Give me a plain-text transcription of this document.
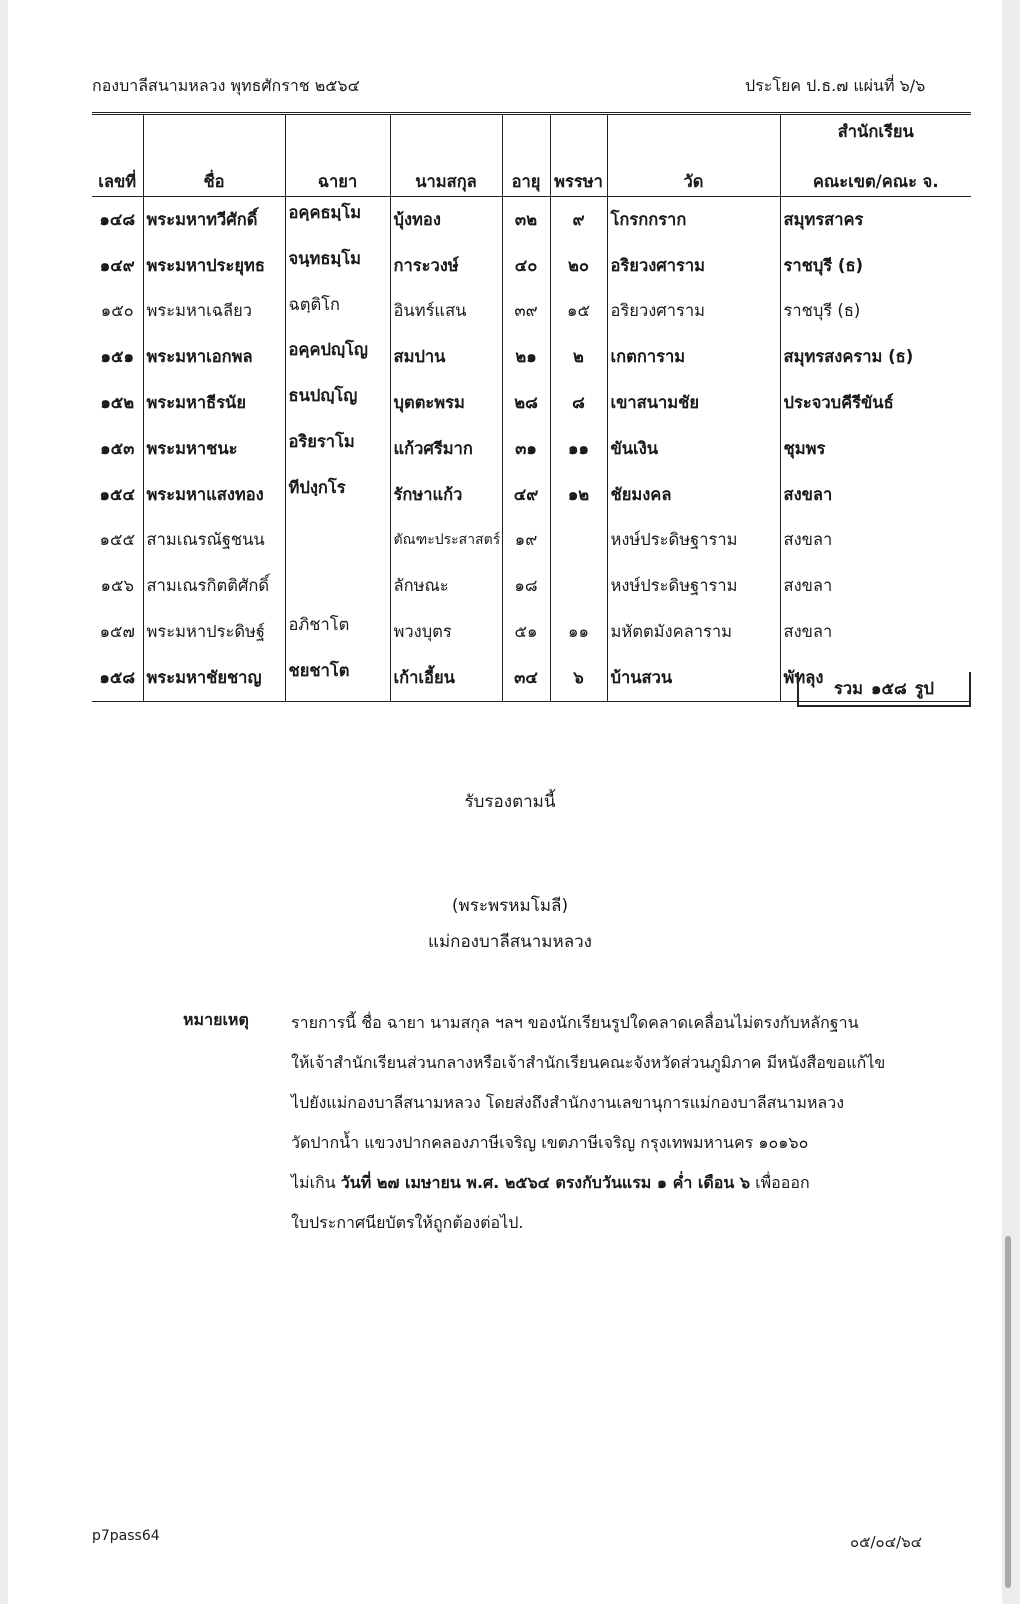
กองบาลีสนามหลวง พุทธศักราช ๒๕๖๔	ประโยค ป.ธ.๗ แผ่นที่ ๖/๖
เลขที่	ชื่อ	ฉายา	นามสกุล	อายุ	พรรษา	วัด	สำนักเรียน
คณะเขต/คณะ จ.
๑๔๘	พระมหาทวีศักดิ์	อคฺคธมฺโม	บุ้งทอง	๓๒	๙	โกรกกราก	สมุทรสาคร
๑๔๙	พระมหาประยุทธ	จนฺทธมฺโม	การะวงษ์	๔๐	๒๐	อริยวงศาราม	ราชบุรี (ธ)
๑๕๐	พระมหาเฉลียว	ฉตฺติโก	อินทร์แสน	๓๙	๑๕	อริยวงศาราม	ราชบุรี (ธ)
๑๕๑	พระมหาเอกพล	อคฺคปญฺโญ	สมปาน	๒๑	๒	เกตการาม	สมุทรสงคราม (ธ)
๑๕๒	พระมหาธีรนัย	ธนปญฺโญ	บุตตะพรม	๒๘	๘	เขาสนามชัย	ประจวบคีรีขันธ์
๑๕๓	พระมหาชนะ	อริยราโม	แก้วศรีมาก	๓๑	๑๑	ขันเงิน	ชุมพร
๑๕๔	พระมหาแสงทอง	ทีปงฺกโร	รักษาแก้ว	๔๙	๑๒	ชัยมงคล	สงขลา
๑๕๕	สามเณรณัฐชนน		ตัณฑะประสาสตร์	๑๙		หงษ์ประดิษฐาราม	สงขลา
๑๕๖	สามเณรกิตติศักดิ์		ลักษณะ	๑๘		หงษ์ประดิษฐาราม	สงขลา
๑๕๗	พระมหาประดิษฐ์	อภิชาโต	พวงบุตร	๕๑	๑๑	มหัตตมังคลาราม	สงขลา
๑๕๘	พระมหาชัยชาญ	ชยชาโต	เก้าเอี้ยน	๓๔	๖	บ้านสวน	พัทลุง
รวม ๑๕๘ รูป
รับรองตามนี้
(พระพรหมโมลี)
แม่กองบาลีสนามหลวง
หมายเหตุ	รายการนี้ ชื่อ ฉายา นามสกุล ฯลฯ ของนักเรียนรูปใดคลาดเคลื่อนไม่ตรงกับหลักฐาน
ให้เจ้าสำนักเรียนส่วนกลางหรือเจ้าสำนักเรียนคณะจังหวัดส่วนภูมิภาค มีหนังสือขอแก้ไข
ไปยังแม่กองบาลีสนามหลวง โดยส่งถึงสำนักงานเลขานุการแม่กองบาลีสนามหลวง
วัดปากน้ำ แขวงปากคลองภาษีเจริญ เขตภาษีเจริญ กรุงเทพมหานคร ๑๐๑๖๐
ไม่เกิน วันที่ ๒๗ เมษายน พ.ศ. ๒๕๖๔ ตรงกับวันแรม ๑ ค่ำ เดือน ๖ เพื่อออก
ใบประกาศนียบัตรให้ถูกต้องต่อไป.
p7pass64	๐๕/๐๔/๖๔
